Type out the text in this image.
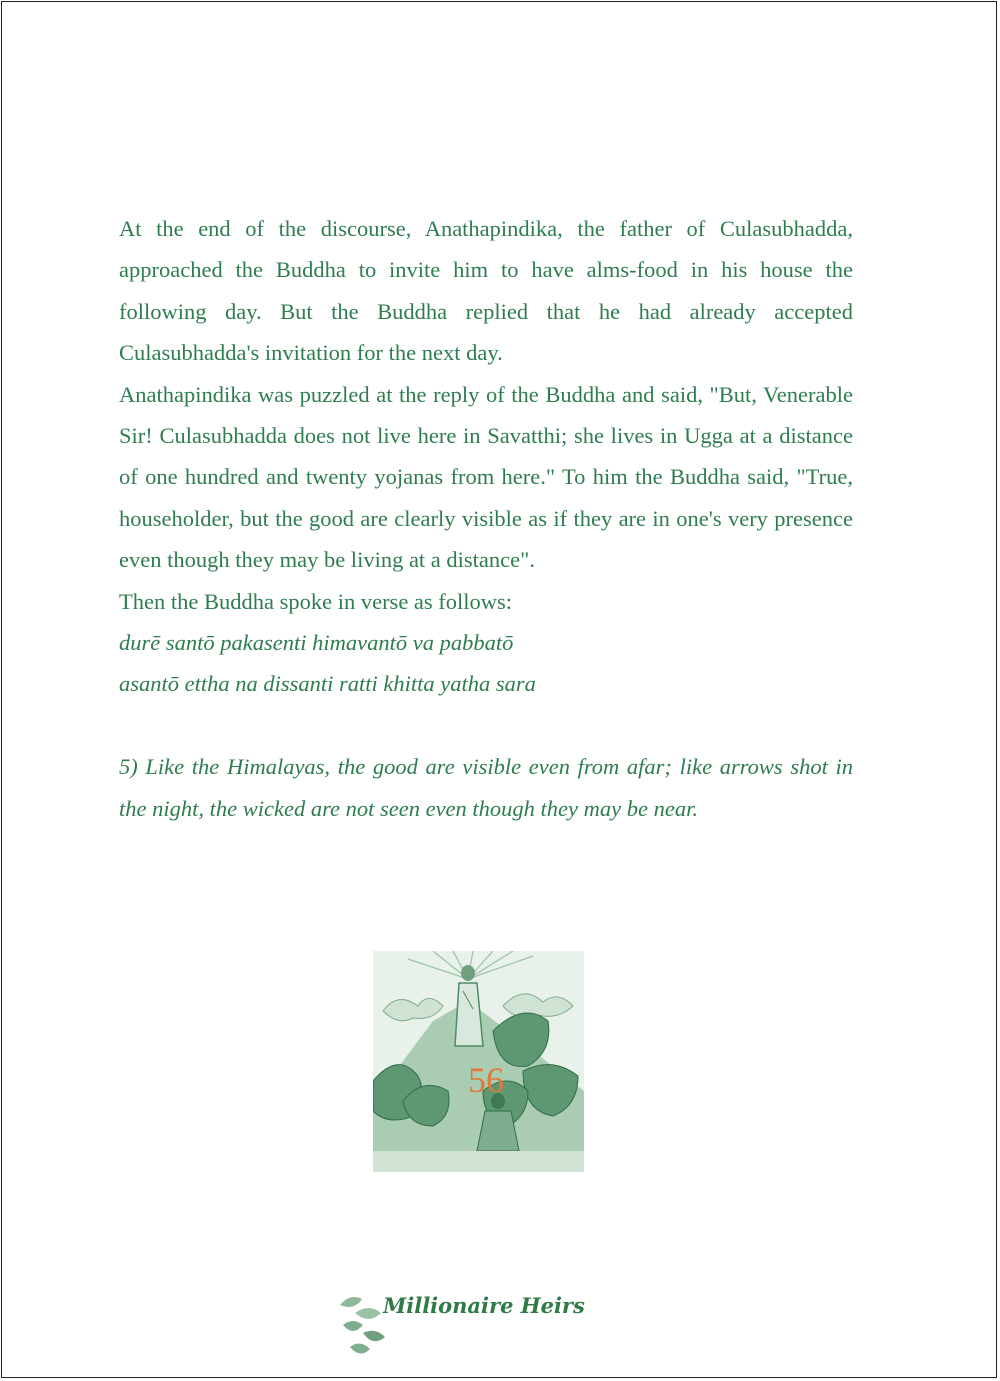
At the end of the discourse, Anathapindika, the father of Culasubhadda, approached the Buddha to invite him to have alms-food in his house the following day. But the Buddha replied that he had already accepted Culasubhadda's invitation for the next day.

Anathapindika was puzzled at the reply of the Buddha and said, "But, Venerable Sir! Culasubhadda does not live here in Savatthi; she lives in Ugga at a distance of one hundred and twenty yojanas from here." To him the Buddha said, "True, householder, but the good are clearly visible as if they are in one's very presence even though they may be living at a distance".

Then the Buddha spoke in verse as follows:

durē santō pakasenti himavantō va pabbatō

asantō ettha na dissanti ratti khitta yatha sara

5) Like the Himalayas, the good are visible even from afar; like arrows shot in the night, the wicked are not seen even though they may be near.

56
Millionaire Heirs
